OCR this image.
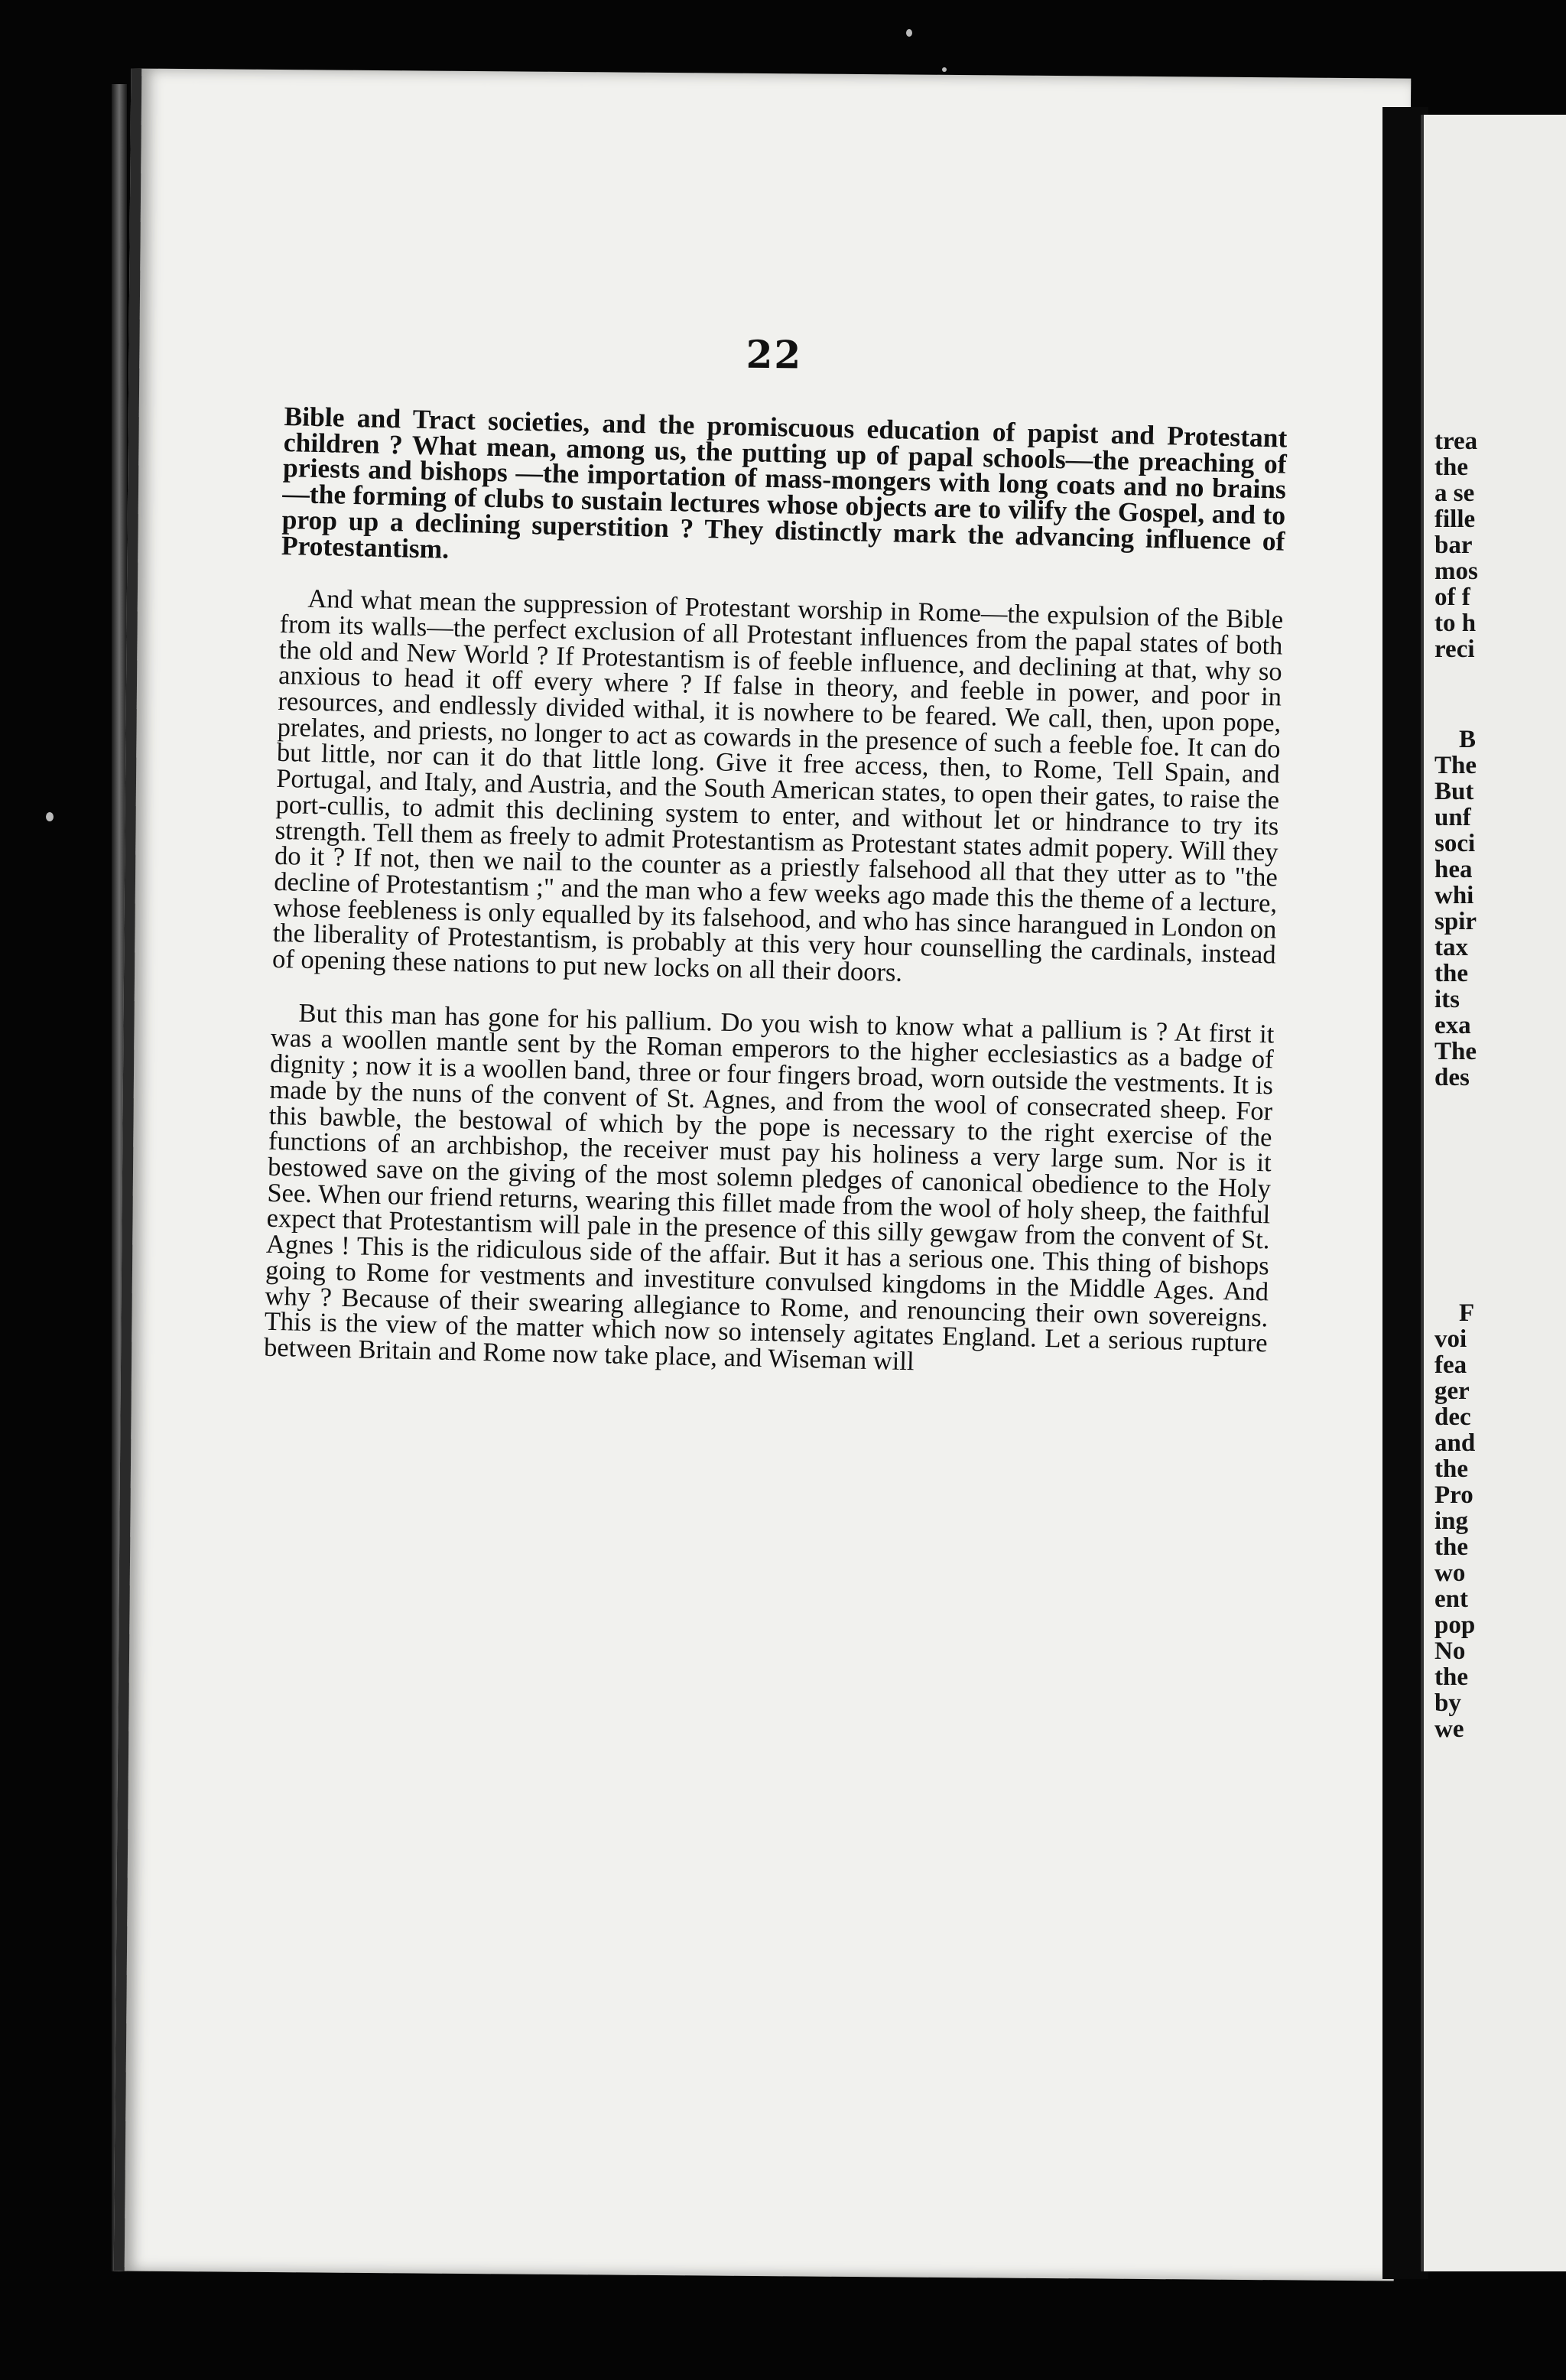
22

Bible and Tract societies, and the promiscuous education of papist and Protestant children ? What mean, among us, the putting up of papal schools—the preaching of priests and bishops —the importation of mass-mongers with long coats and no brains —the forming of clubs to sustain lectures whose objects are to vilify the Gospel, and to prop up a declining superstition ? They distinctly mark the advancing influence of Protestantism.

And what mean the suppression of Protestant worship in Rome—the expulsion of the Bible from its walls—the perfect exclusion of all Protestant influences from the papal states of both the old and New World ? If Protestantism is of feeble influence, and declining at that, why so anxious to head it off every where ? If false in theory, and feeble in power, and poor in resources, and endlessly divided withal, it is nowhere to be feared. We call, then, upon pope, prelates, and priests, no longer to act as cowards in the presence of such a feeble foe. It can do but little, nor can it do that little long. Give it free access, then, to Rome, Tell Spain, and Portugal, and Italy, and Austria, and the South American states, to open their gates, to raise the port-cullis, to admit this declining system to enter, and without let or hindrance to try its strength. Tell them as freely to admit Protestantism as Protestant states admit popery. Will they do it ? If not, then we nail to the counter as a priestly falsehood all that they utter as to "the decline of Protestantism ;" and the man who a few weeks ago made this the theme of a lecture, whose feebleness is only equalled by its falsehood, and who has since harangued in London on the liberality of Protestantism, is probably at this very hour counselling the cardinals, instead of opening these nations to put new locks on all their doors.

But this man has gone for his pallium. Do you wish to know what a pallium is ? At first it was a woollen mantle sent by the Roman emperors to the higher ecclesiastics as a badge of dignity ; now it is a woollen band, three or four fingers broad, worn outside the vestments. It is made by the nuns of the convent of St. Agnes, and from the wool of consecrated sheep. For this bawble, the bestowal of which by the pope is necessary to the right exercise of the functions of an archbishop, the receiver must pay his holiness a very large sum. Nor is it bestowed save on the giving of the most solemn pledges of canonical obedience to the Holy See. When our friend returns, wearing this fillet made from the wool of holy sheep, the faithful expect that Protestantism will pale in the presence of this silly gewgaw from the convent of St. Agnes ! This is the ridiculous side of the affair. But it has a serious one. This thing of bishops going to Rome for vestments and investiture convulsed kingdoms in the Middle Ages. And why ? Because of their swearing allegiance to Rome, and renouncing their own sovereigns. This is the view of the matter which now so intensely agitates England. Let a serious rupture between Britain and Rome now take place, and Wiseman will

trea
the
a se
fille
bar
mos
of f
to h
reci
B
The
But
unf
soci
hea
whi
spir
tax
the
its
exa
The
des
F
voi
fea
ger
dec
and
the
Pro
ing
the
wo
ent
pop
No
the
by
we
